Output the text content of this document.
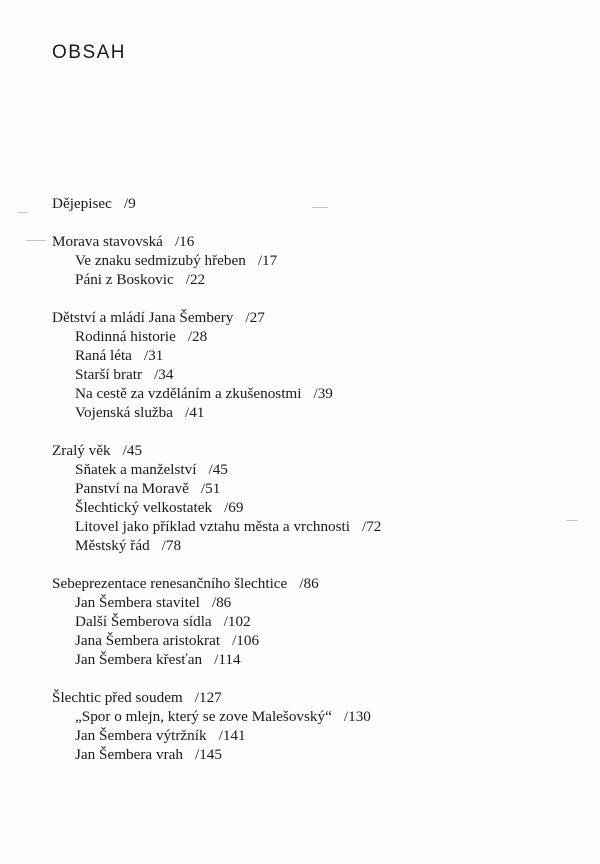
OBSAH
Dějepisec /9
Morava stavovská /16
Ve znaku sedmizubý hřeben /17
Páni z Boskovic /22
Dětství a mládí Jana Šembery /27
Rodinná historie /28
Raná léta /31
Starší bratr /34
Na cestě za vzděláním a zkušenostmi /39
Vojenská služba /41
Zralý věk /45
Sňatek a manželství /45
Panství na Moravě /51
Šlechtický velkostatek /69
Litovel jako příklad vztahu města a vrchnosti /72
Městský řád /78
Sebeprezentace renesančního šlechtice /86
Jan Šembera stavitel /86
Další Šemberova sídla /102
Jana Šembera aristokrat /106
Jan Šembera křesťan /114
Šlechtic před soudem /127
„Spor o mlejn, který se zove Malešovský“ /130
Jan Šembera výtržník /141
Jan Šembera vrah /145
